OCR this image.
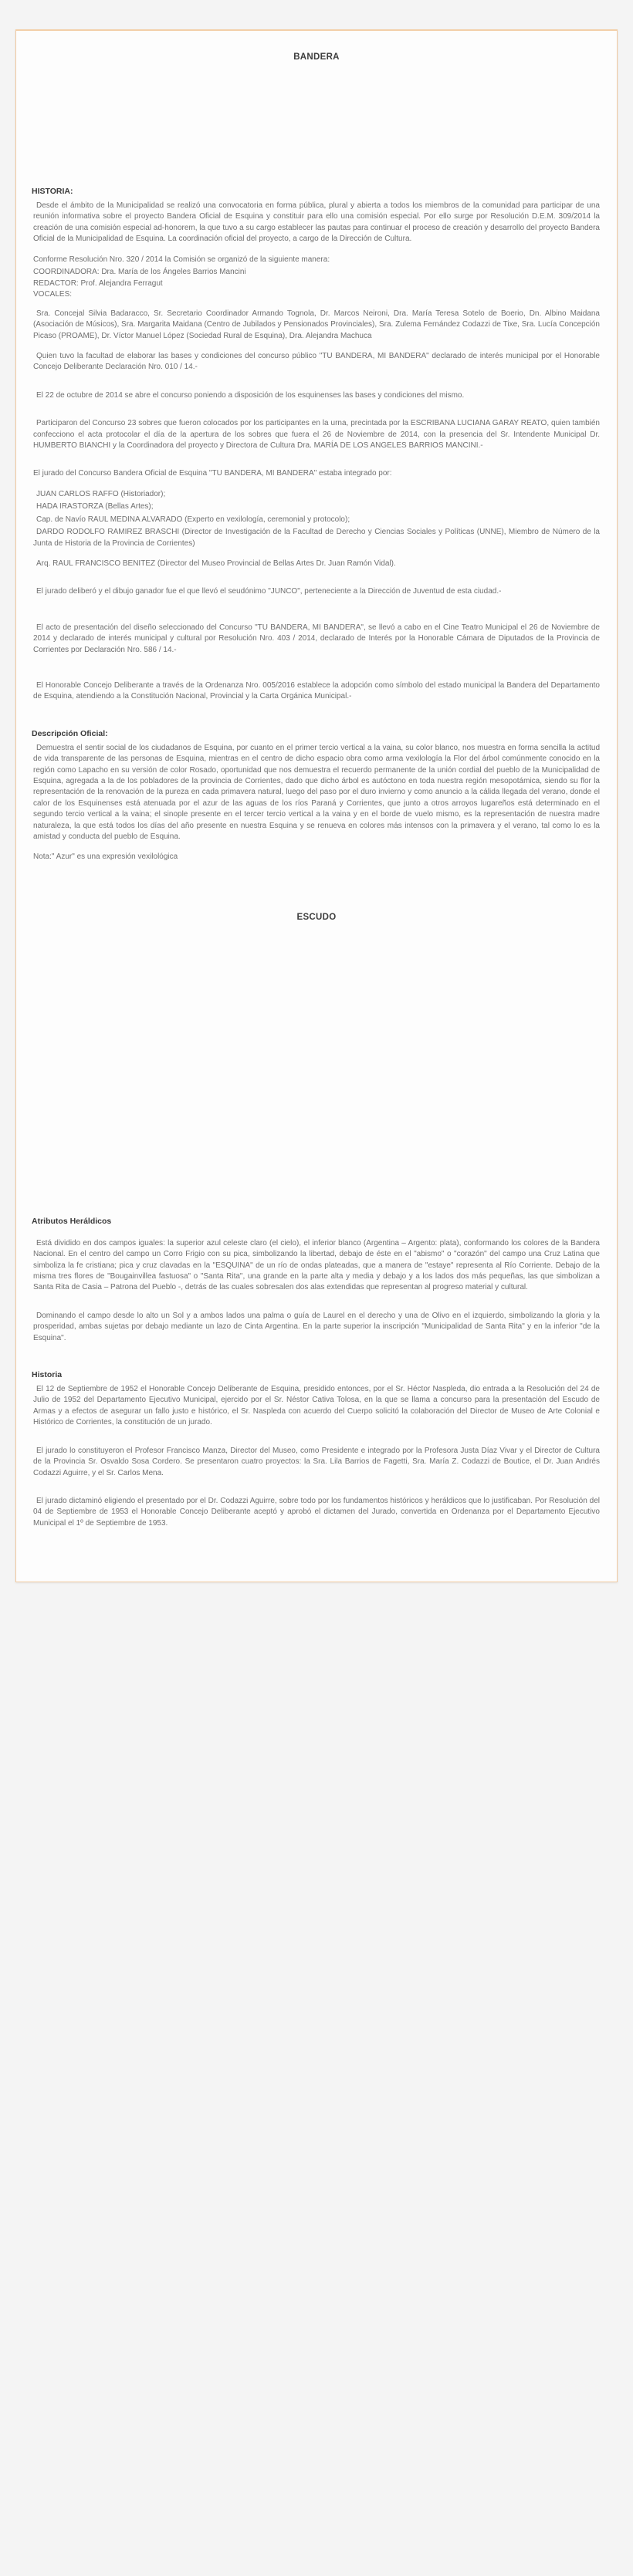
BANDERA
HISTORIA:
Desde el ámbito de la Municipalidad se realizó una convocatoria en forma pública, plural y abierta a todos los miembros de la comunidad para participar de una reunión informativa sobre el proyecto Bandera Oficial de Esquina y constituir para ello una comisión especial. Por ello surge por Resolución D.E.M. 309/2014 la creación de una comisión especial ad-honorem, la que tuvo a su cargo establecer las pautas para continuar el proceso de creación y desarrollo del proyecto Bandera Oficial de la Municipalidad de Esquina. La coordinación oficial del proyecto, a cargo de la Dirección de Cultura.
Conforme Resolución Nro. 320 / 2014 la Comisión se organizó de la siguiente manera:
COORDINADORA: Dra. María de los Ángeles Barrios Mancini
REDACTOR: Prof. Alejandra Ferragut
VOCALES:
Sra. Concejal Silvia Badaracco, Sr. Secretario Coordinador Armando Tognola, Dr. Marcos Neironi, Dra. María Teresa Sotelo de Boerio, Dn. Albino Maidana (Asociación de Músicos), Sra. Margarita Maidana (Centro de Jubilados y Pensionados Provinciales), Sra. Zulema Fernández Codazzi de Tixe, Sra. Lucía Concepción Picaso (PROAME), Dr. Víctor Manuel López (Sociedad Rural de Esquina), Dra. Alejandra Machuca
Quien tuvo la facultad de elaborar las bases y condiciones del concurso público "TU BANDERA, MI BANDERA" declarado de interés municipal por el Honorable Concejo Deliberante Declaración Nro. 010 / 14.-
El 22 de octubre de 2014 se abre el concurso poniendo a disposición de los esquinenses las bases y condiciones del mismo.
Participaron del Concurso 23 sobres que fueron colocados por los participantes en la urna, precintada por la ESCRIBANA LUCIANA GARAY REATO, quien también confecciono el acta protocolar el día de la apertura de los sobres que fuera el 26 de Noviembre de 2014, con la presencia del Sr. Intendente Municipal Dr. HUMBERTO BIANCHI y la Coordinadora del proyecto y Directora de Cultura Dra. MARÍA DE LOS ANGELES BARRIOS MANCINI.-
El jurado del Concurso Bandera Oficial de Esquina "TU BANDERA, MI BANDERA" estaba integrado por:
JUAN CARLOS RAFFO (Historiador);
HADA IRASTORZA (Bellas Artes);
Cap. de Navío RAUL MEDINA ALVARADO (Experto en vexilología, ceremonial y protocolo);
DARDO RODOLFO RAMIREZ BRASCHI (Director de Investigación de la Facultad de Derecho y Ciencias Sociales y Políticas (UNNE), Miembro de Número de la Junta de Historia de la Provincia de Corrientes)
Arq. RAUL FRANCISCO BENITEZ (Director del Museo Provincial de Bellas Artes Dr. Juan Ramón Vidal).
El jurado deliberó y el dibujo ganador fue el que llevó el seudónimo "JUNCO", perteneciente a la Dirección de Juventud de esta ciudad.-
El acto de presentación del diseño seleccionado del Concurso "TU BANDERA, MI BANDERA", se llevó a cabo en el Cine Teatro Municipal el 26 de Noviembre de 2014 y declarado de interés municipal y cultural por Resolución Nro. 403 / 2014, declarado de Interés por la Honorable Cámara de Diputados de la Provincia de Corrientes por Declaración Nro. 586 / 14.-
El Honorable Concejo Deliberante a través de la Ordenanza Nro. 005/2016 establece la adopción como símbolo del estado municipal la Bandera del Departamento de Esquina, atendiendo a la Constitución Nacional, Provincial y la Carta Orgánica Municipal.-
Descripción Oficial:
Demuestra el sentir social de los ciudadanos de Esquina, por cuanto en el primer tercio vertical a la vaina, su color blanco, nos muestra en forma sencilla la actitud de vida transparente de las personas de Esquina, mientras en el centro de dicho espacio obra como arma vexilología la Flor del árbol comúnmente conocido en la región como Lapacho en su versión de color Rosado, oportunidad que nos demuestra el recuerdo permanente de la unión cordial del pueblo de la Municipalidad de Esquina, agregada a la de los pobladores de la provincia de Corrientes, dado que dicho árbol es autóctono en toda nuestra región mesopotámica, siendo su flor la representación de la renovación de la pureza en cada primavera natural, luego del paso por el duro invierno y como anuncio a la cálida llegada del verano, donde el calor de los Esquinenses está atenuada por el azur de las aguas de los ríos Paraná y Corrientes, que junto a otros arroyos lugareños está determinado en el segundo tercio vertical a la vaina; el sinople presente en el tercer tercio vertical a la vaina y en el borde de vuelo mismo, es la representación de nuestra madre naturaleza, la que está todos los días del año presente en nuestra Esquina y se renueva en colores más intensos con la primavera y el verano, tal como lo es la amistad y conducta del pueblo de Esquina.
Nota:" Azur" es una expresión vexilológica
ESCUDO
Atributos Heráldicos
Está dividido en dos campos iguales: la superior azul celeste claro (el cielo), el inferior blanco (Argentina – Argento: plata), conformando los colores de la Bandera Nacional. En el centro del campo un Corro Frigio con su pica, simbolizando la libertad, debajo de éste en el "abismo" o "corazón" del campo una Cruz Latina que simboliza la fe cristiana; pica y cruz clavadas en la "ESQUINA" de un río de ondas plateadas, que a manera de "estaye" representa al Río Corriente. Debajo de la misma tres flores de "Bougainvillea fastuosa" o "Santa Rita", una grande en la parte alta y media y debajo y a los lados dos más pequeñas, las que simbolizan a Santa Rita de Casia – Patrona del Pueblo -, detrás de las cuales sobresalen dos alas extendidas que representan al progreso material y cultural.
Dominando el campo desde lo alto un Sol y a ambos lados una palma o guía de Laurel en el derecho y una de Olivo en el izquierdo, simbolizando la gloria y la prosperidad, ambas sujetas por debajo mediante un lazo de Cinta Argentina. En la parte superior la inscripción "Municipalidad de Santa Rita" y en la inferior "de la Esquina".
Historia
El 12 de Septiembre de 1952 el Honorable Concejo Deliberante de Esquina, presidido entonces, por el Sr. Héctor Naspleda, dio entrada a la Resolución del 24 de Julio de 1952 del Departamento Ejecutivo Municipal, ejercido por el Sr. Néstor Cativa Tolosa, en la que se llama a concurso para la presentación del Escudo de Armas y a efectos de asegurar un fallo justo e histórico, el Sr. Naspleda con acuerdo del Cuerpo solicitó la colaboración del Director de Museo de Arte Colonial e Histórico de Corrientes, la constitución de un jurado.
El jurado lo constituyeron el Profesor Francisco Manza, Director del Museo, como Presidente e integrado por la Profesora Justa Díaz Vivar y el Director de Cultura de la Provincia Sr. Osvaldo Sosa Cordero. Se presentaron cuatro proyectos: la Sra. Lila Barrios de Fagetti, Sra. María Z. Codazzi de Boutice, el Dr. Juan Andrés Codazzi Aguirre, y el Sr. Carlos Mena.
El jurado dictaminó eligiendo el presentado por el Dr. Codazzi Aguirre, sobre todo por los fundamentos históricos y heráldicos que lo justificaban. Por Resolución del 04 de Septiembre de 1953 el Honorable Concejo Deliberante aceptó y aprobó el dictamen del Jurado, convertida en Ordenanza por el Departamento Ejecutivo Municipal el 1º de Septiembre de 1953.
